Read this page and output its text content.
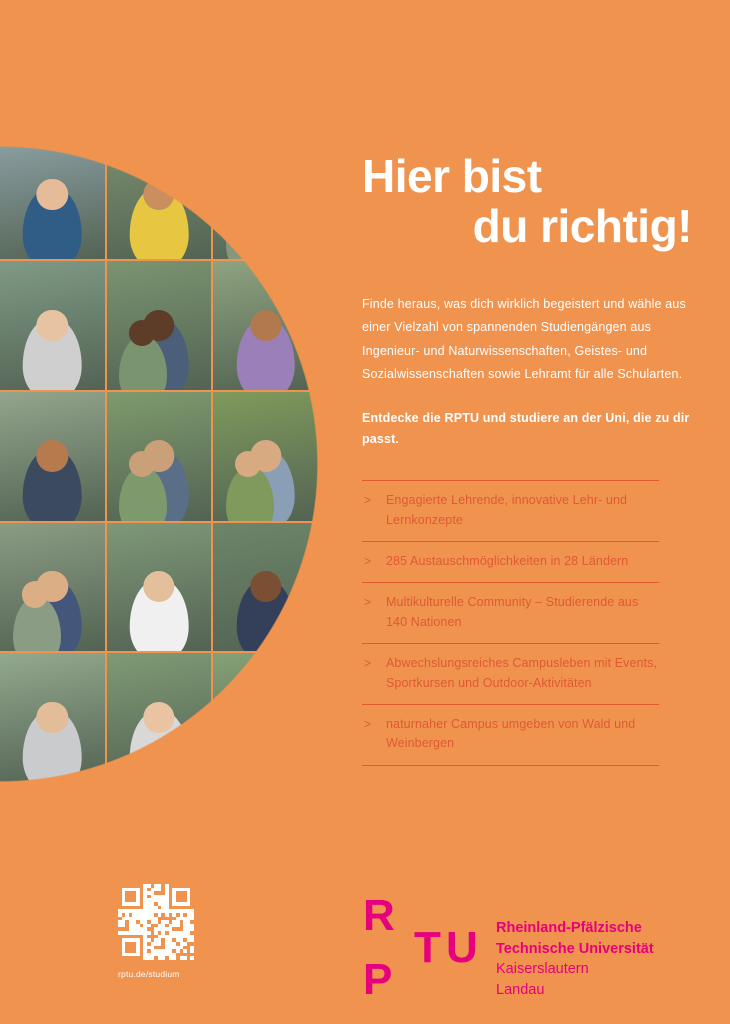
Hier bist
du richtig!

Finde heraus, was dich wirklich begeistert und wähle aus einer Vielzahl von spannenden Studiengängen aus Ingenieur- und Naturwissenschaften, Geistes- und Sozialwissenschaften sowie Lehramt für alle Schularten.

Entdecke die RPTU und studiere an der Uni, die zu dir passt.

>	Engagierte Lehrende, innovative Lehr- und Lernkonzepte
>	285 Austauschmöglichkeiten in 28 Ländern
>	Multikulturelle Community – Studierende aus 140 Nationen
>	Abwechslungsreiches Campusleben mit Events, Sportkursen und Outdoor-Aktivitäten
>	naturnaher Campus umgeben von Wald und Weinbergen
rptu.de/studium
R
P
T U Rheinland-Pfälzische
Technische Universität
Kaiserslautern
Landau
